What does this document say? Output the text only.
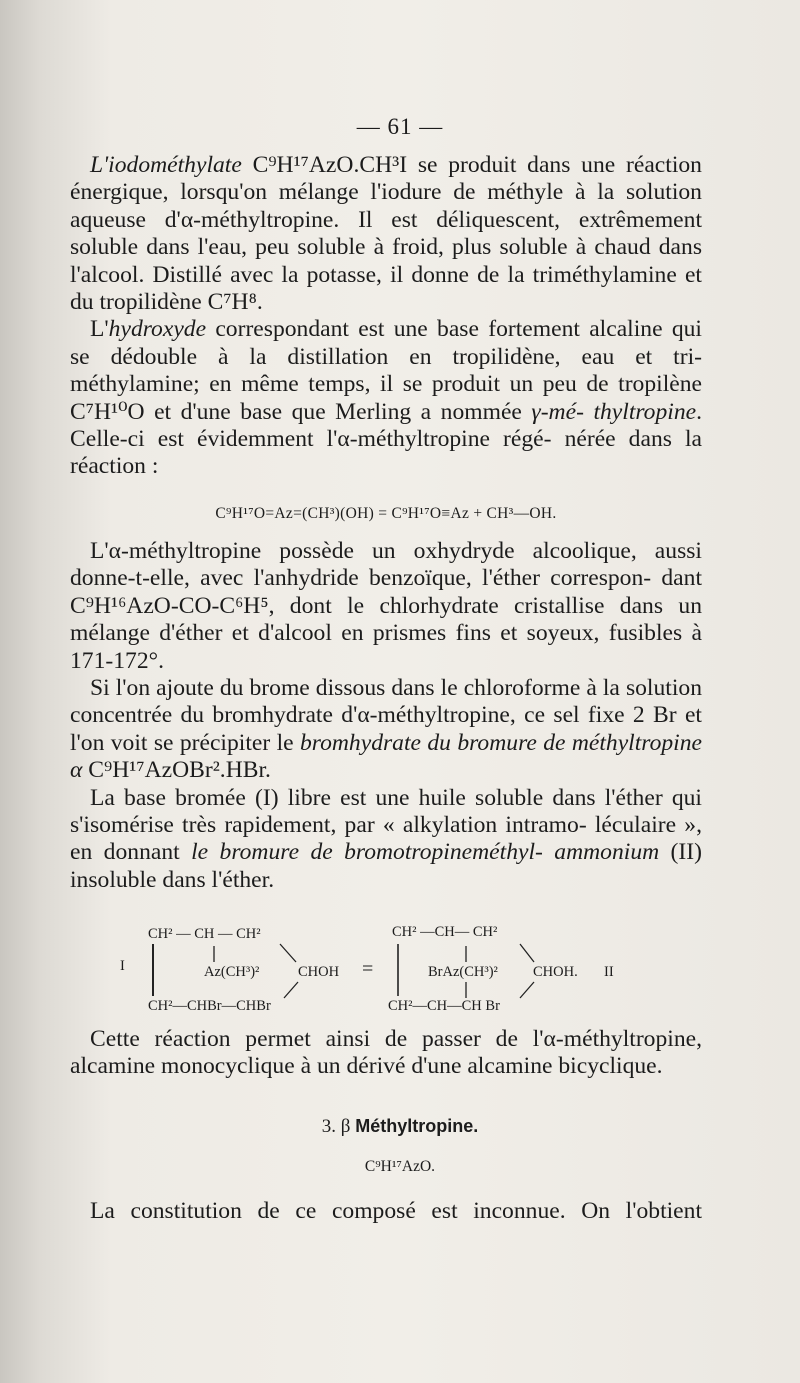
— 61 —

L'iodométhylate C⁹H¹⁷AzO.CH³I se produit dans une réaction énergique, lorsqu'on mélange l'iodure de méthyle à la solution aqueuse d'α-méthyltropine. Il est déliquescent, extrêmement soluble dans l'eau, peu soluble à froid, plus soluble à chaud dans l'alcool. Distillé avec la potasse, il donne de la triméthylamine et du tropilidène C⁷H⁸.

L'hydroxyde correspondant est une base fortement alcaline qui se dédouble à la distillation en tropilidène, eau et tri- méthylamine; en même temps, il se produit un peu de tropilène C⁷H¹⁰O et d'une base que Merling a nommée γ-mé- thyltropine. Celle-ci est évidemment l'α-méthyltropine régé- nérée dans la réaction :

C⁹H¹⁷O=Az=(CH³)(OH) = C⁹H¹⁷O≡Az + CH³—OH.

L'α-méthyltropine possède un oxhydryde alcoolique, aussi donne-t-elle, avec l'anhydride benzoïque, l'éther correspon- dant C⁹H¹⁶AzO-CO-C⁶H⁵, dont le chlorhydrate cristallise dans un mélange d'éther et d'alcool en prismes fins et soyeux, fusibles à 171-172°.

Si l'on ajoute du brome dissous dans le chloroforme à la solution concentrée du bromhydrate d'α-méthyltropine, ce sel fixe 2 Br et l'on voit se précipiter le bromhydrate du bromure de méthyltropine α C⁹H¹⁷AzOBr².HBr.

La base bromée (I) libre est une huile soluble dans l'éther qui s'isomérise très rapidement, par « alkylation intramo- léculaire », en donnant le bromure de bromotropineméthyl- ammonium (II) insoluble dans l'éther.

I
CH² — CH — CH²
Az(CH³)²	CHOH
CH²—CHBr—CHBr
=
CH² —CH— CH²
BrAz(CH³)² CHOH. II
CH²—CH—CH Br

Cette réaction permet ainsi de passer de l'α-méthyltropine, alcamine monocyclique à un dérivé d'une alcamine bicyclique.

3. β Méthyltropine.
C⁹H¹⁷AzO.

La constitution de ce composé est inconnue. On l'obtient
